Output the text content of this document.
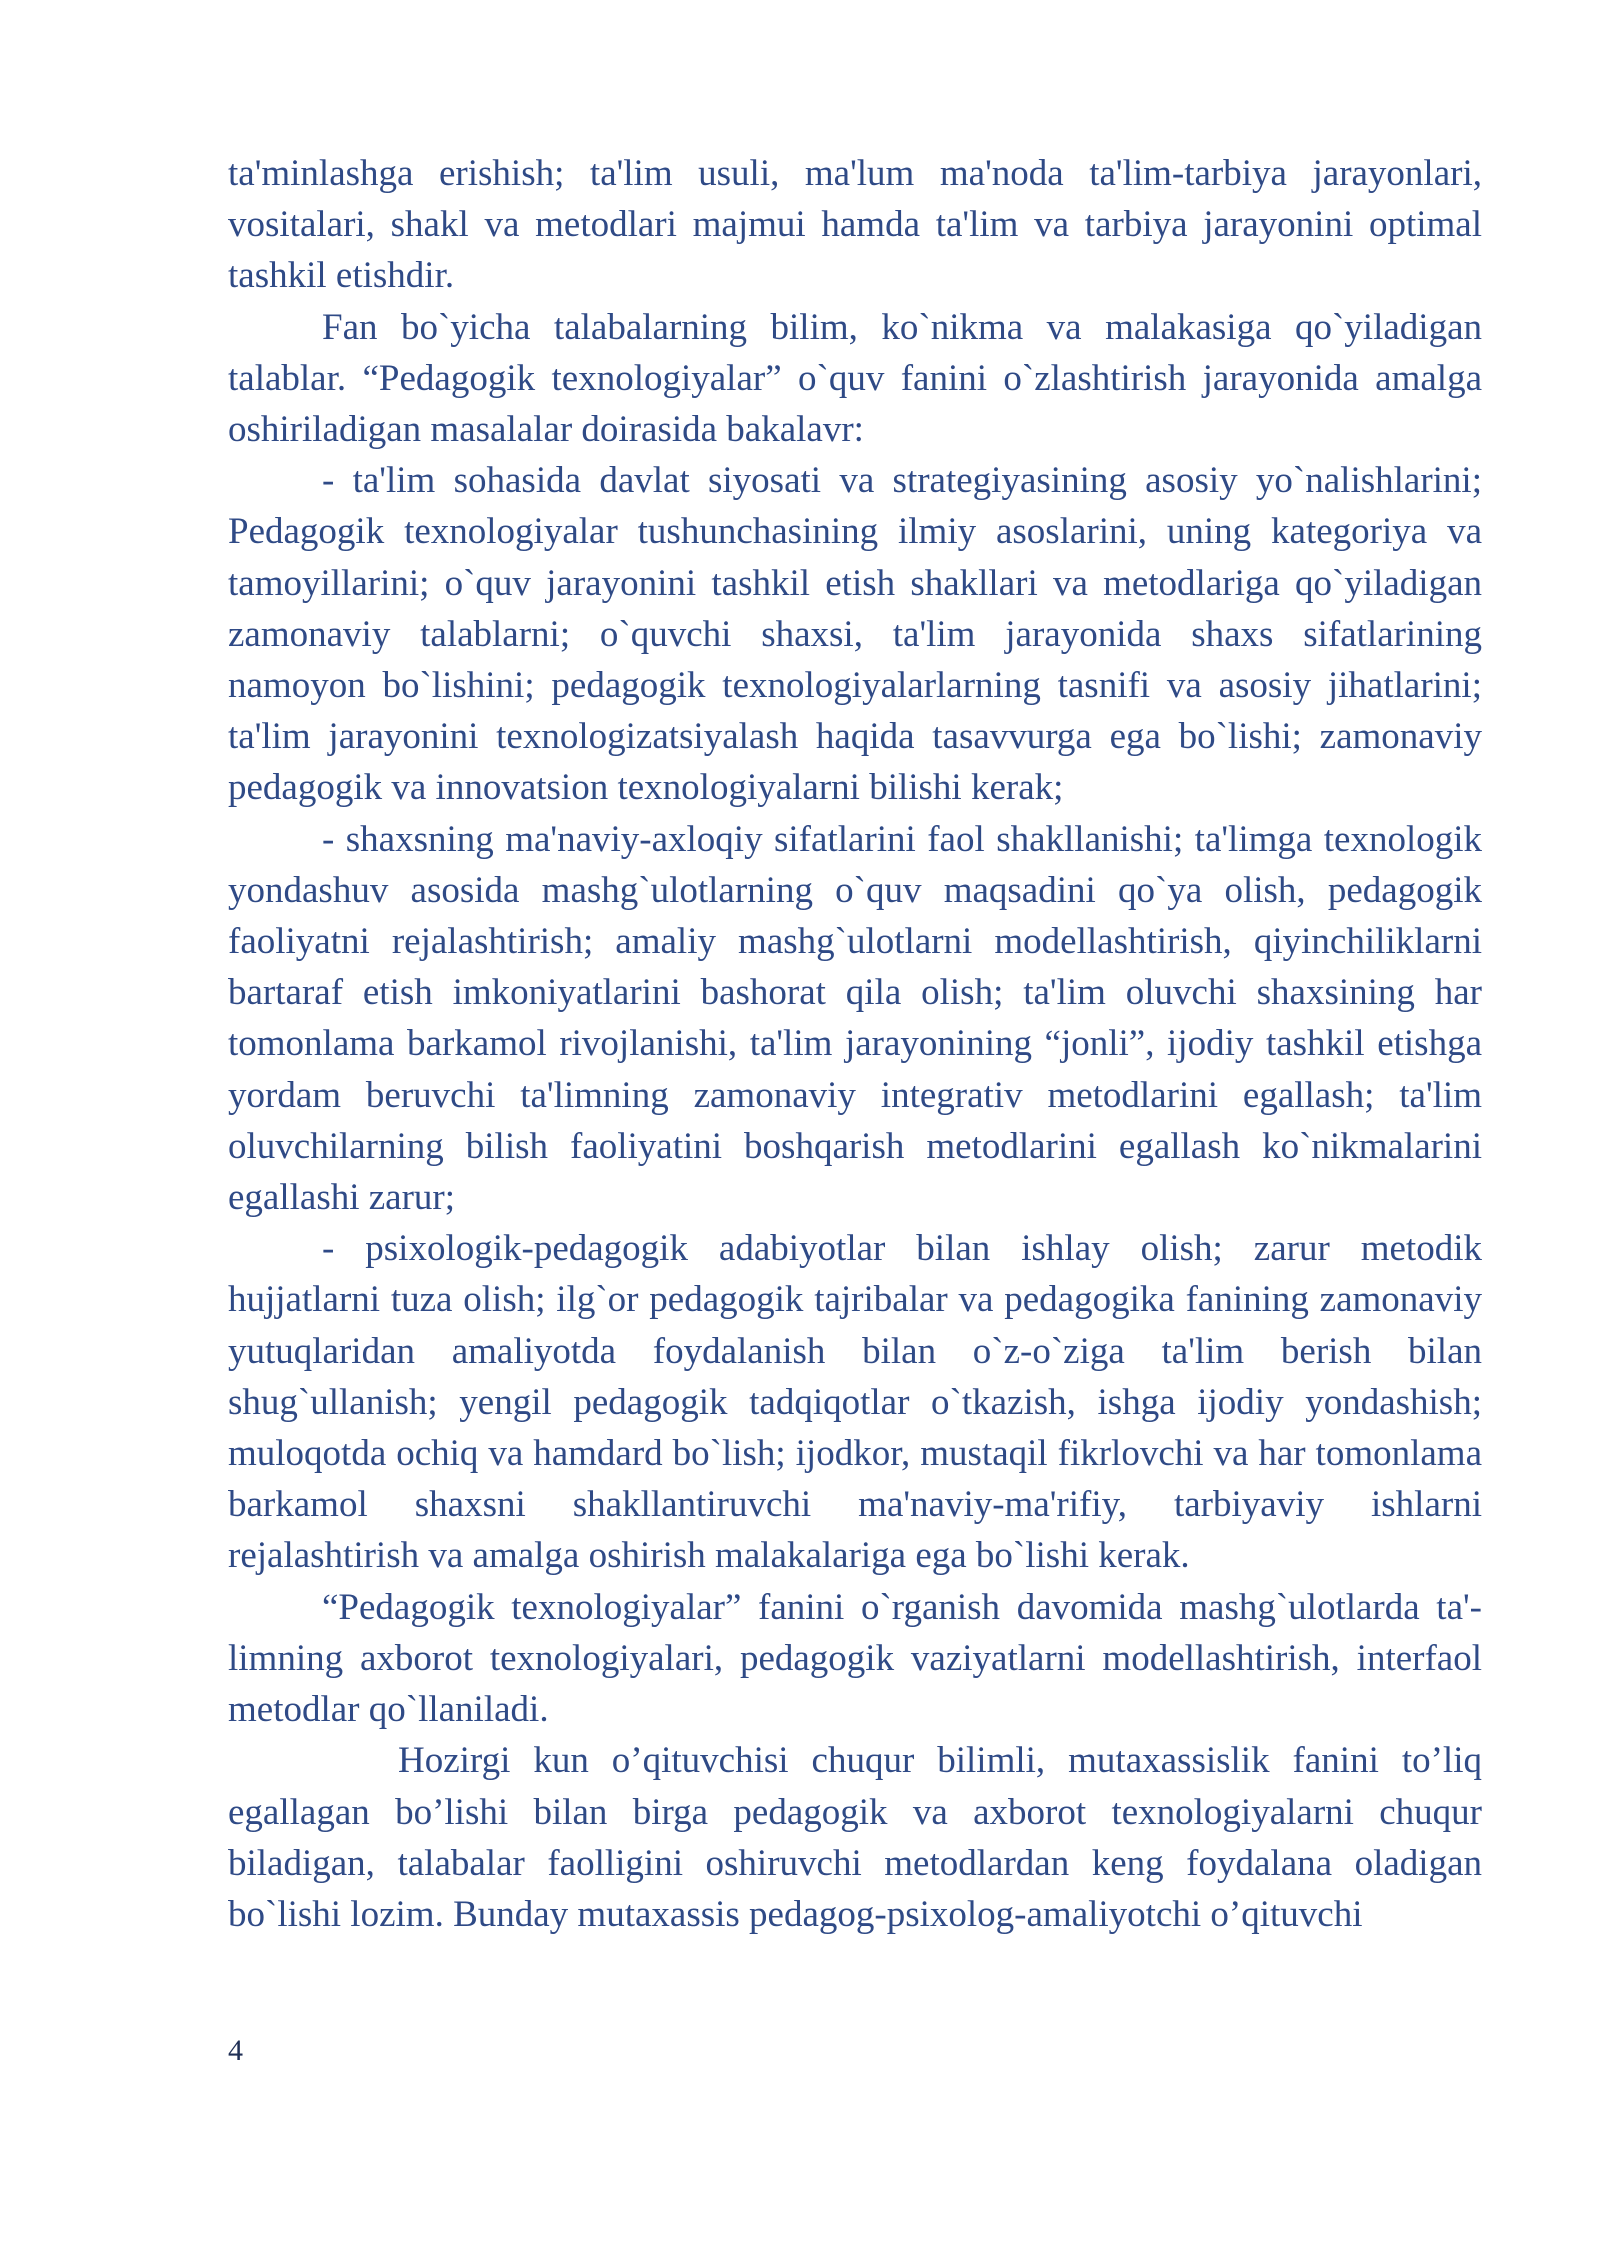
ta'minlashga erishish; ta'lim usuli, ma'lum ma'noda ta'lim-tarbiya jarayonlari, vositalari, shakl va metodlari majmui hamda ta'lim va tarbiya jarayonini optimal tashkil etishdir.

Fan bo`yicha talabalarning bilim, ko`nikma va malakasiga qo`yiladigan talablar. “Pedagogik texnologiyalar” o`quv fanini o`zlashtirish jarayonida amalga oshiriladigan masalalar doirasida bakalavr:

- ta'lim sohasida davlat siyosati va strategiyasining asosiy yo`nalishlarini; Pedagogik texnologiyalar tushunchasining ilmiy asoslarini, uning kategoriya va tamoyillarini; o`quv jarayonini tashkil etish shakllari va metodlariga qo`yiladigan zamonaviy talablarni; o`quvchi shaxsi, ta'lim jarayonida shaxs sifatlarining namoyon bo`lishini; pedagogik texnologiyalarlarning tasnifi va asosiy jihatlarini; ta'lim jarayonini texnologizatsiyalash haqida tasavvurga ega bo`lishi; zamonaviy pedagogik va innovatsion texnologiyalarni bilishi kerak;

- shaxsning ma'naviy-axloqiy sifatlarini faol shakllanishi; ta'limga texnologik yondashuv asosida mashg`ulotlarning o`quv maqsadini qo`ya olish, pedagogik faoliyatni rejalashtirish; amaliy mashg`ulotlarni modellashtirish, qiyinchiliklarni bartaraf etish imkoniyatlarini bashorat qila olish; ta'lim oluvchi shaxsining har tomonlama barkamol rivojlanishi, ta'lim jarayonining “jonli”, ijodiy tashkil etishga yordam beruvchi ta'limning zamonaviy integrativ metodlarini egallash; ta'lim oluvchilarning bilish faoliyatini boshqarish metodlarini egallash ko`nikmalarini egallashi zarur;

- psixologik-pedagogik adabiyotlar bilan ishlay olish; zarur metodik hujjatlarni tuza olish; ilg`or pedagogik tajribalar va pedagogika fanining zamonaviy yutuqlaridan amaliyotda foydalanish bilan o`z-o`ziga ta'lim berish bilan shug`ullanish; yengil pedagogik tadqiqotlar o`tkazish, ishga ijodiy yondashish; muloqotda ochiq va hamdard bo`lish; ijodkor, mustaqil fikrlovchi va har tomonlama barkamol shaxsni shakllantiruvchi ma'naviy-ma'rifiy, tarbiyaviy ishlarni rejalashtirish va amalga oshirish malakalariga ega bo`lishi kerak.

“Pedagogik texnologiyalar” fanini o`rganish davomida mashg`ulotlarda ta'-limning axborot texnologiyalari, pedagogik vaziyatlarni modellashtirish, interfaol metodlar qo`llaniladi.

Hozirgi kun o’qituvchisi chuqur bilimli, mutaxassislik fanini to’liq egallagan bo’lishi bilan birga pedagogik va axborot texnologiyalarni chuqur biladigan, talabalar faolligini oshiruvchi metodlardan keng foydalana oladigan bo`lishi lozim. Bunday mutaxassis pedagog-psixolog-amaliyotchi o’qituvchi

4
